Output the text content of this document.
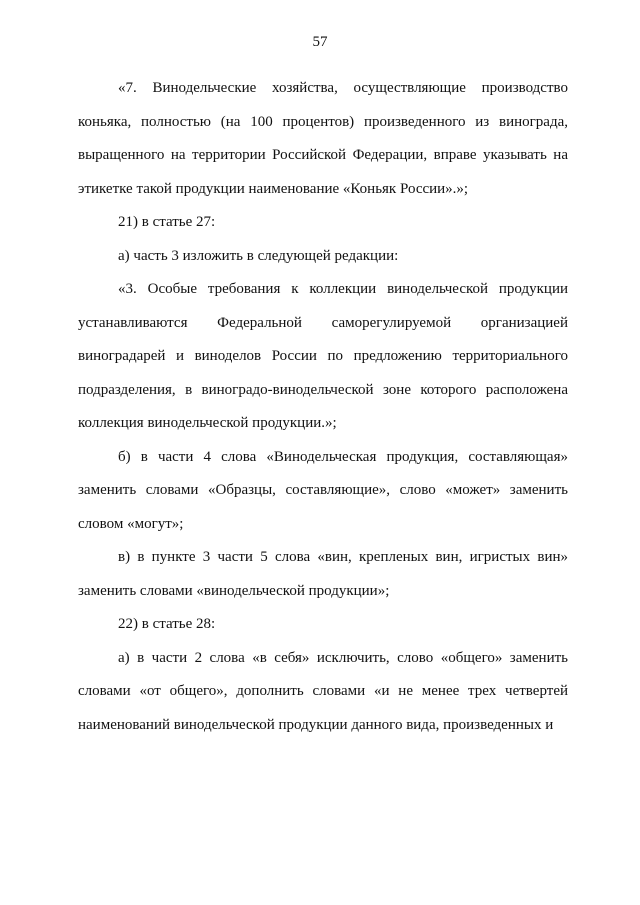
57

«7. Винодельческие хозяйства, осуществляющие производство коньяка, полностью (на 100 процентов) произведенного из винограда, выращенного на территории Российской Федерации, вправе указывать на этикетке такой продукции наименование «Коньяк России».»;

21) в статье 27:

а) часть 3 изложить в следующей редакции:

«3. Особые требования к коллекции винодельческой продукции устанавливаются Федеральной саморегулируемой организацией виноградарей и виноделов России по предложению территориального подразделения, в виноградо-винодельческой зоне которого расположена коллекция винодельческой продукции.»;

б) в части 4 слова «Винодельческая продукция, составляющая» заменить словами «Образцы, составляющие», слово «может» заменить словом «могут»;

в) в пункте 3 части 5 слова «вин, крепленых вин, игристых вин» заменить словами «винодельческой продукции»;

22) в статье 28:

а) в части 2 слова «в себя» исключить, слово «общего» заменить словами «от общего», дополнить словами «и не менее трех четвертей наименований винодельческой продукции данного вида, произведенных и
